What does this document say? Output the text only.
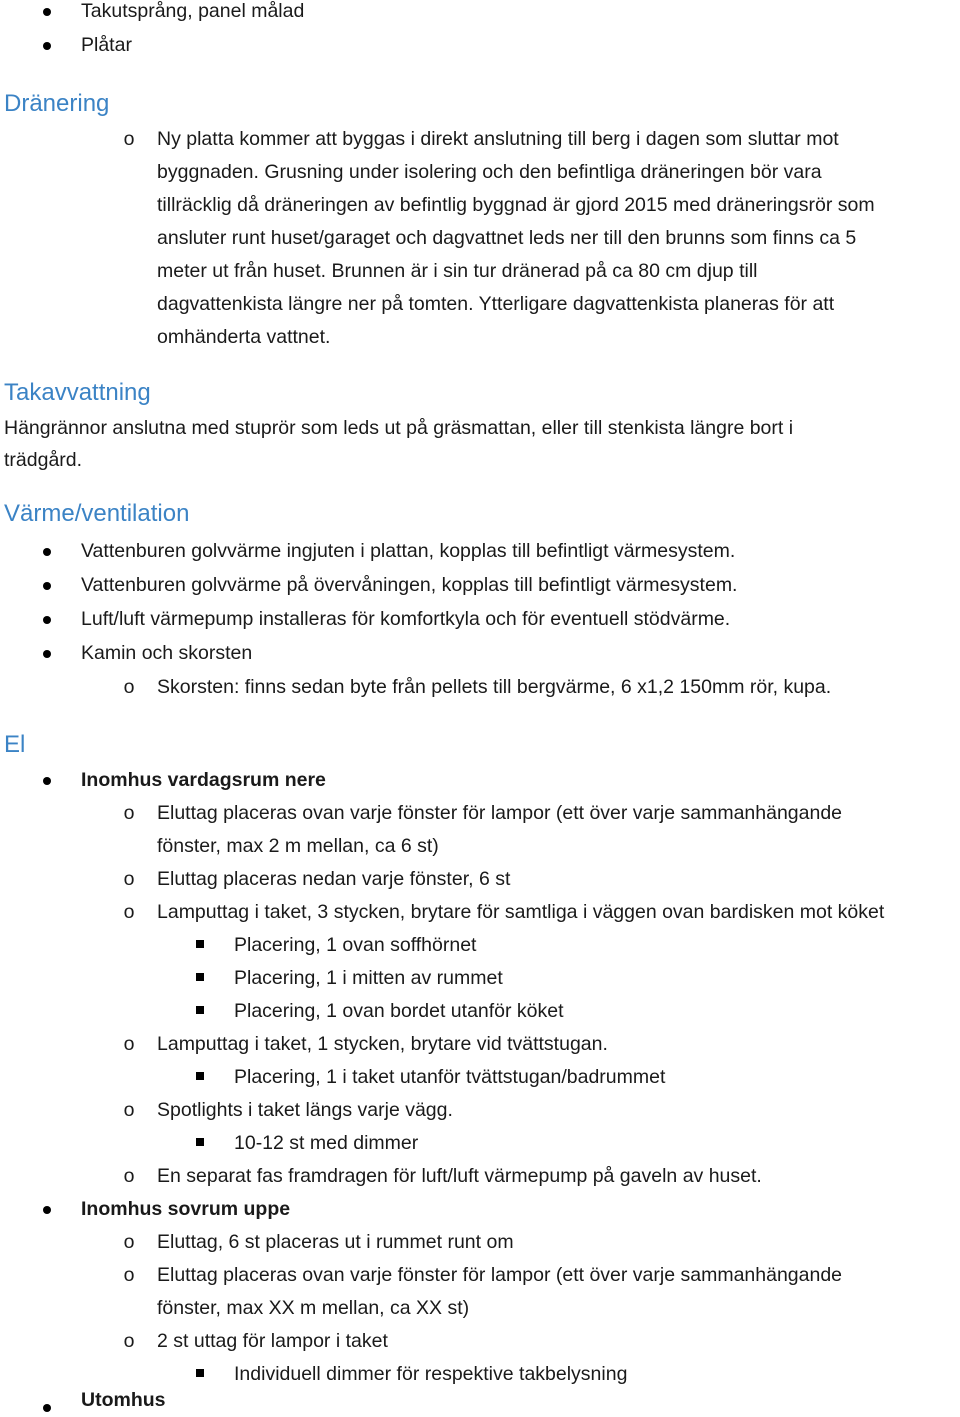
Takutsprång, panel målad
Plåtar
Dränering
o Ny platta kommer att byggas i direkt anslutning till berg i dagen som sluttar mot
byggnaden. Grusning under isolering och den befintliga dräneringen bör vara
tillräcklig då dräneringen av befintlig byggnad är gjord 2015 med dräneringsrör som
ansluter runt huset/garaget och dagvattnet leds ner till den brunns som finns ca 5
meter ut från huset. Brunnen är i sin tur dränerad på ca 80 cm djup till
dagvattenkista längre ner på tomten. Ytterligare dagvattenkista planeras för att
omhänderta vattnet.
Takavvattning
Hängrännor anslutna med stuprör som leds ut på gräsmattan, eller till stenkista längre bort i
trädgård.
Värme/ventilation
Vattenburen golvvärme ingjuten i plattan, kopplas till befintligt värmesystem.
Vattenburen golvvärme på övervåningen, kopplas till befintligt värmesystem.
Luft/luft värmepump installeras för komfortkyla och för eventuell stödvärme.
Kamin och skorsten
o Skorsten: finns sedan byte från pellets till bergvärme, 6 x1,2 150mm rör, kupa.
El
Inomhus vardagsrum nere
o Eluttag placeras ovan varje fönster för lampor (ett över varje sammanhängande
fönster, max 2 m mellan, ca 6 st)
o Eluttag placeras nedan varje fönster, 6 st
o Lamputtag i taket, 3 stycken, brytare för samtliga i väggen ovan bardisken mot köket
Placering, 1 ovan soffhörnet
Placering, 1 i mitten av rummet
Placering, 1 ovan bordet utanför köket
o Lamputtag i taket, 1 stycken, brytare vid tvättstugan.
Placering, 1 i taket utanför tvättstugan/badrummet
o Spotlights i taket längs varje vägg.
10-12 st med dimmer
o En separat fas framdragen för luft/luft värmepump på gaveln av huset.
Inomhus sovrum uppe
o Eluttag, 6 st placeras ut i rummet runt om
o Eluttag placeras ovan varje fönster för lampor (ett över varje sammanhängande
fönster, max XX m mellan, ca XX st)
o 2 st uttag för lampor i taket
Individuell dimmer för respektive takbelysning
Utomhus
